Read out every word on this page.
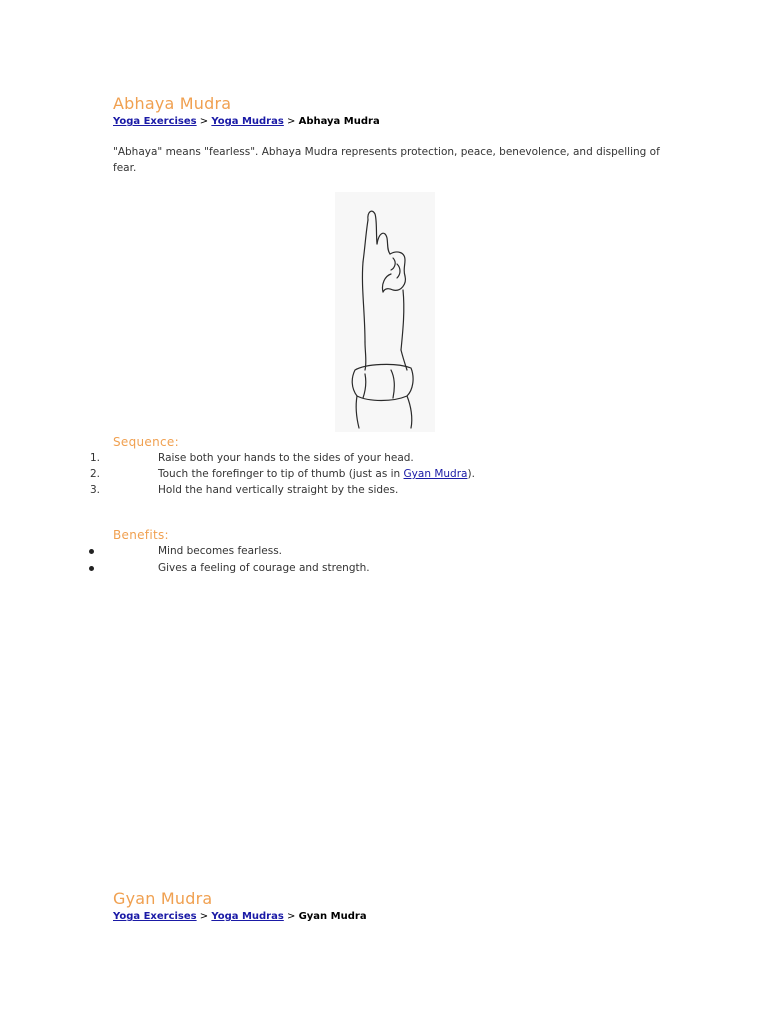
Abhaya Mudra
Yoga Exercises > Yoga Mudras > Abhaya Mudra

"Abhaya" means "fearless". Abhaya Mudra represents protection, peace, benevolence, and dispelling of fear.

Sequence:
1.	Raise both your hands to the sides of your head.
2.	Touch the forefinger to tip of thumb (just as in Gyan Mudra).
3.	Hold the hand vertically straight by the sides.
Benefits:
Mind becomes fearless.
Gives a feeling of courage and strength.
Gyan Mudra
Yoga Exercises > Yoga Mudras > Gyan Mudra
